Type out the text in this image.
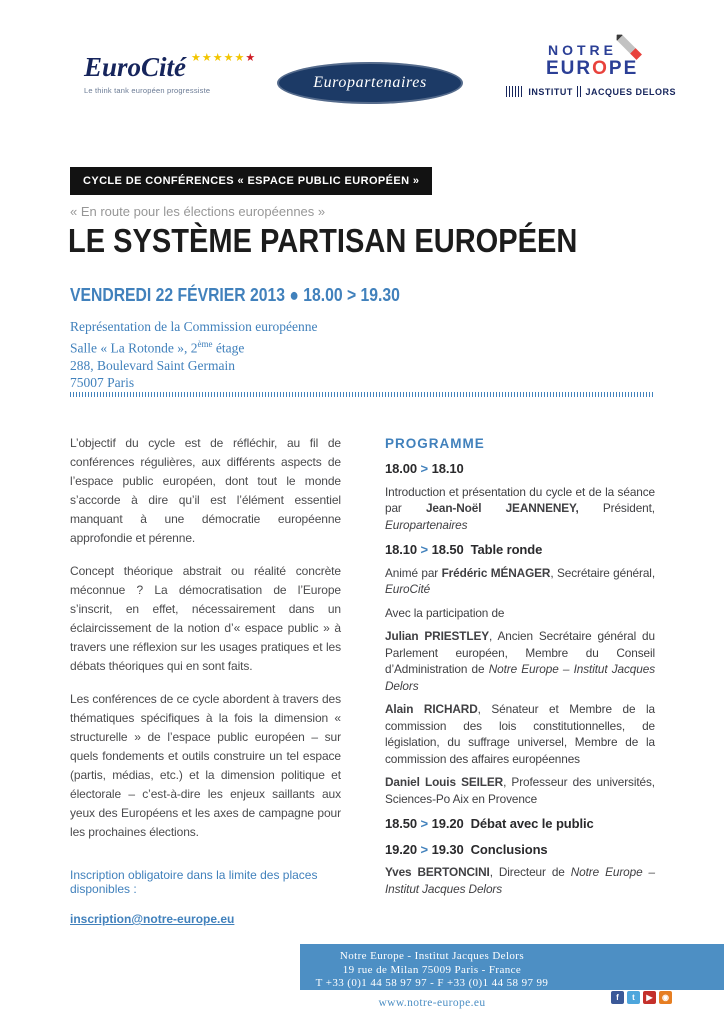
EuroCité ★★★★★★
Le think tank européen progressiste	Europartenaires
NOTRE
EUROPE
INSTITUT JACQUES DELORS
CYCLE DE CONFÉRENCES « ESPACE PUBLIC EUROPÉEN »
« En route pour les élections européennes »
LE SYSTÈME PARTISAN EUROPÉEN
VENDREDI 22 FÉVRIER 2013 ● 18.00 > 19.30
Représentation de la Commission européenne
Salle « La Rotonde », 2ème étage
288, Boulevard Saint Germain
75007 Paris

L’objectif du cycle est de réfléchir, au fil de conférences régulières, aux différents aspects de l’espace public européen, dont tout le monde s’accorde à dire qu’il est l’élément essentiel manquant à une démocratie européenne approfondie et pérenne.

Concept théorique abstrait ou réalité concrète méconnue ? La démocratisation de l’Europe s’inscrit, en effet, nécessairement dans un éclaircissement de la notion d’« espace public » à travers une réflexion sur les usages pratiques et les débats théoriques qui en sont faits.

Les conférences de ce cycle abordent à travers des thématiques spécifiques à la fois la dimension « structurelle » de l’espace public européen – sur quels fondements et outils construire un tel espace (partis, médias, etc.) et la dimension politique et électorale – c’est-à-dire les enjeux saillants aux yeux des Européens et les axes de campagne pour les prochaines élections.

Inscription obligatoire dans la limite des places disponibles :
inscription@notre-europe.eu
PROGRAMME
18.00 > 18.10
Introduction et présentation du cycle et de la séance par Jean-Noël JEANNENEY, Président, Europartenaires
18.10 > 18.50  Table ronde
Animé par Frédéric MÉNAGER, Secrétaire général, EuroCité
Avec la participation de
Julian PRIESTLEY, Ancien Secrétaire général du Parlement européen, Membre du Conseil d’Administration de Notre Europe – Institut Jacques Delors
Alain RICHARD, Sénateur et Membre de la commission des lois constitutionnelles, de législation, du suffrage universel, Membre de la commission des affaires européennes
Daniel Louis SEILER, Professeur des universités, Sciences-Po Aix en Provence
18.50 > 19.20  Débat avec le public
19.20 > 19.30  Conclusions
Yves BERTONCINI, Directeur de Notre Europe – Institut Jacques Delors
Notre Europe - Institut Jacques Delors
19 rue de Milan 75009 Paris - France
T +33 (0)1 44 58 97 97 - F +33 (0)1 44 58 97 99
www.notre-europe.eu	f	t	▶	◉
